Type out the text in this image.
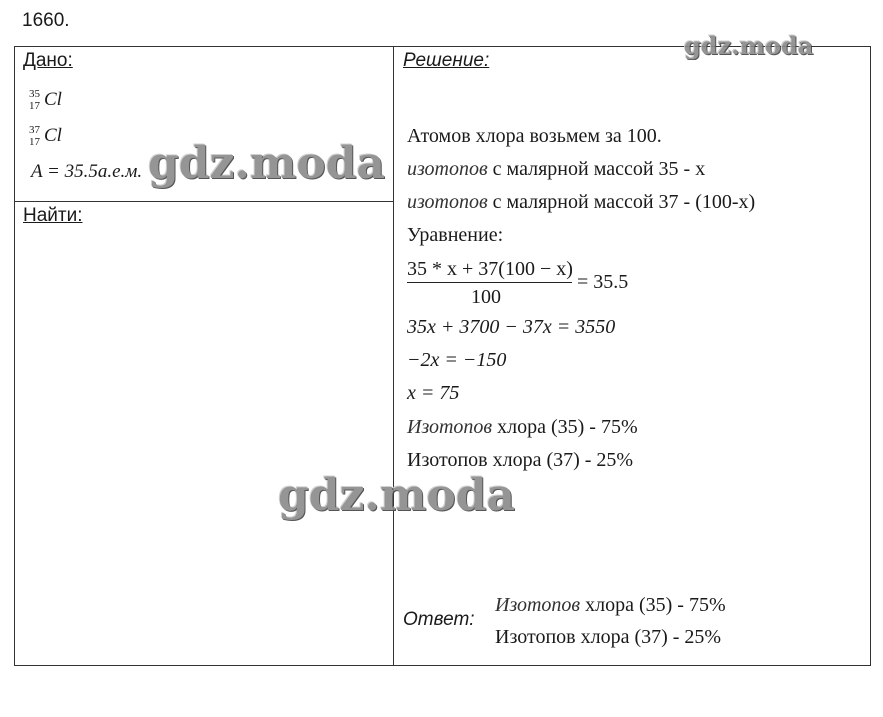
1660.
Дано:
35
17 Cl
37
17 Cl
A = 35.5а.е.м.
Найти:
Решение:
Атомов хлора возьмем за 100.
изотопов с малярной массой 35 - х
изотопов с малярной массой 37 - (100-х)
Уравнение:
35 * x + 37(100 − x)
100
= 35.5
35x + 3700 − 37x = 3550
−2x = −150
x = 75
Изотопов хлора (35) - 75%
Изотопов хлора (37) - 25%
Ответ:
Изотопов хлора (35) - 75%
Изотопов хлора (37) - 25%
gdz.moda
gdz.moda
gdz.moda
